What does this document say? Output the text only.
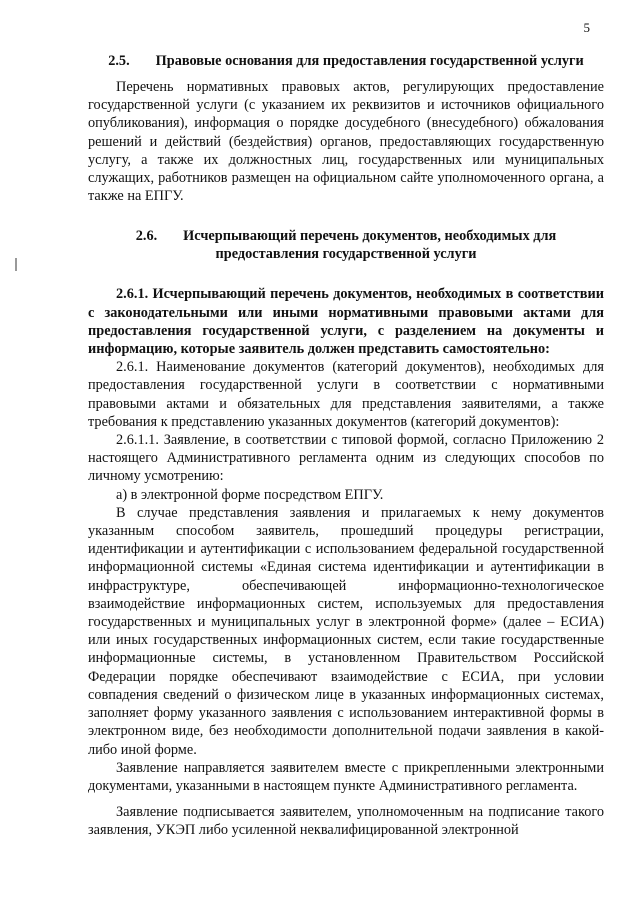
5

2.5. Правовые основания для предоставления государственной услуги

Перечень нормативных правовых актов, регулирующих предоставление государственной услуги (с указанием их реквизитов и источников официального опубликования), информация о порядке досудебного (внесудебного) обжалования решений и действий (бездействия) органов, предоставляющих государственную услугу, а также их должностных лиц, государственных или муниципальных служащих, работников размещен на официальном сайте уполномоченного органа, а также на ЕПГУ.

2.6. Исчерпывающий перечень документов, необходимых для предоставления государственной услуги

2.6.1. Исчерпывающий перечень документов, необходимых в соответствии с законодательными или иными нормативными правовыми актами для предоставления государственной услуги, с разделением на документы и информацию, которые заявитель должен представить самостоятельно:

2.6.1. Наименование документов (категорий документов), необходимых для предоставления государственной услуги в соответствии с нормативными правовыми актами и обязательных для представления заявителями, а также требования к представлению указанных документов (категорий документов):

2.6.1.1. Заявление, в соответствии с типовой формой, согласно Приложению 2 настоящего Административного регламента одним из следующих способов по личному усмотрению:

а) в электронной форме посредством ЕПГУ.

В случае представления заявления и прилагаемых к нему документов указанным способом заявитель, прошедший процедуры регистрации, идентификации и аутентификации с использованием федеральной государственной информационной системы «Единая система идентификации и аутентификации в инфраструктуре, обеспечивающей информационно-технологическое взаимодействие информационных систем, используемых для предоставления государственных и муниципальных услуг в электронной форме» (далее – ЕСИА) или иных государственных информационных систем, если такие государственные информационные системы, в установленном Правительством Российской Федерации порядке обеспечивают взаимодействие с ЕСИА, при условии совпадения сведений о физическом лице в указанных информационных системах, заполняет форму указанного заявления с использованием интерактивной формы в электронном виде, без необходимости дополнительной подачи заявления в какой-либо иной форме.

Заявление направляется заявителем вместе с прикрепленными электронными документами, указанными в настоящем пункте Административного регламента.

Заявление подписывается заявителем, уполномоченным на подписание такого заявления, УКЭП либо усиленной неквалифицированной электронной
